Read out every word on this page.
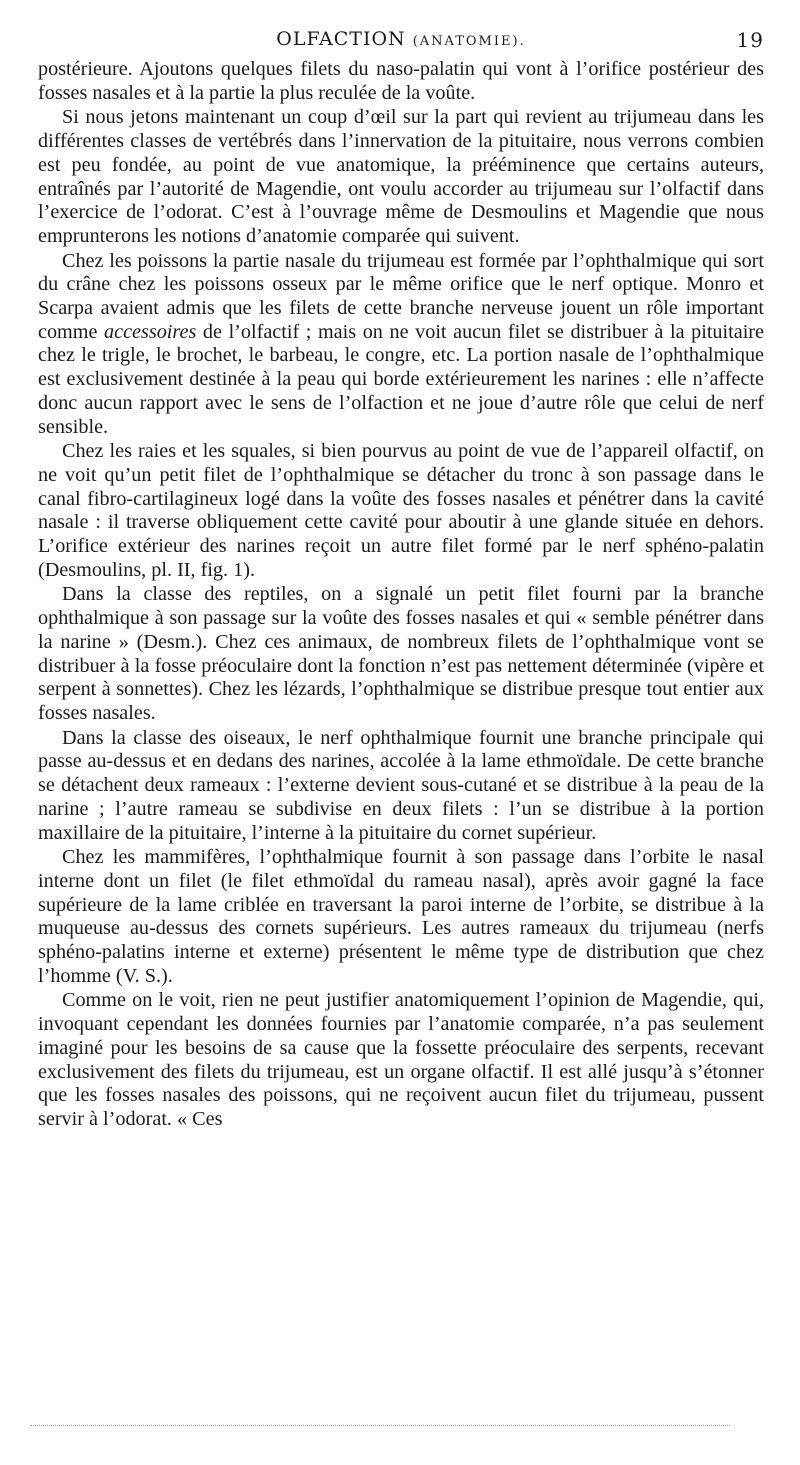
OLFACTION (ANATOMIE).	19

postérieure. Ajoutons quelques filets du naso-palatin qui vont à l’orifice postérieur des fosses nasales et à la partie la plus reculée de la voûte.

Si nous jetons maintenant un coup d’œil sur la part qui revient au trijumeau dans les différentes classes de vertébrés dans l’innervation de la pituitaire, nous verrons combien est peu fondée, au point de vue anatomique, la prééminence que certains auteurs, entraînés par l’autorité de Magendie, ont voulu accorder au trijumeau sur l’olfactif dans l’exercice de l’odorat. C’est à l’ouvrage même de Desmoulins et Magendie que nous emprunterons les notions d’anatomie comparée qui suivent.

Chez les poissons la partie nasale du trijumeau est formée par l’ophthalmique qui sort du crâne chez les poissons osseux par le même orifice que le nerf optique. Monro et Scarpa avaient admis que les filets de cette branche nerveuse jouent un rôle important comme accessoires de l’olfactif ; mais on ne voit aucun filet se distribuer à la pituitaire chez le trigle, le brochet, le barbeau, le congre, etc. La portion nasale de l’ophthalmique est exclusivement destinée à la peau qui borde extérieurement les narines : elle n’affecte donc aucun rapport avec le sens de l’olfaction et ne joue d’autre rôle que celui de nerf sensible.

Chez les raies et les squales, si bien pourvus au point de vue de l’appareil olfactif, on ne voit qu’un petit filet de l’ophthalmique se détacher du tronc à son passage dans le canal fibro-cartilagineux logé dans la voûte des fosses nasales et pénétrer dans la cavité nasale : il traverse obliquement cette cavité pour aboutir à une glande située en dehors. L’orifice extérieur des narines reçoit un autre filet formé par le nerf sphéno-palatin (Desmoulins, pl. II, fig. 1).

Dans la classe des reptiles, on a signalé un petit filet fourni par la branche ophthalmique à son passage sur la voûte des fosses nasales et qui « semble pénétrer dans la narine » (Desm.). Chez ces animaux, de nombreux filets de l’ophthalmique vont se distribuer à la fosse préoculaire dont la fonction n’est pas nettement déterminée (vipère et serpent à sonnettes). Chez les lézards, l’ophthalmique se distribue presque tout entier aux fosses nasales.

Dans la classe des oiseaux, le nerf ophthalmique fournit une branche principale qui passe au-dessus et en dedans des narines, accolée à la lame ethmoïdale. De cette branche se détachent deux rameaux : l’externe devient sous-cutané et se distribue à la peau de la narine ; l’autre rameau se subdivise en deux filets : l’un se distribue à la portion maxillaire de la pituitaire, l’interne à la pituitaire du cornet supérieur.

Chez les mammifères, l’ophthalmique fournit à son passage dans l’orbite le nasal interne dont un filet (le filet ethmoïdal du rameau nasal), après avoir gagné la face supérieure de la lame criblée en traversant la paroi interne de l’orbite, se distribue à la muqueuse au-dessus des cornets supérieurs. Les autres rameaux du trijumeau (nerfs sphéno-palatins interne et externe) présentent le même type de distribution que chez l’homme (V. S.).

Comme on le voit, rien ne peut justifier anatomiquement l’opinion de Magendie, qui, invoquant cependant les données fournies par l’anatomie comparée, n’a pas seulement imaginé pour les besoins de sa cause que la fossette préoculaire des serpents, recevant exclusivement des filets du trijumeau, est un organe olfactif. Il est allé jusqu’à s’étonner que les fosses nasales des poissons, qui ne reçoivent aucun filet du trijumeau, pussent servir à l’odorat. « Ces
